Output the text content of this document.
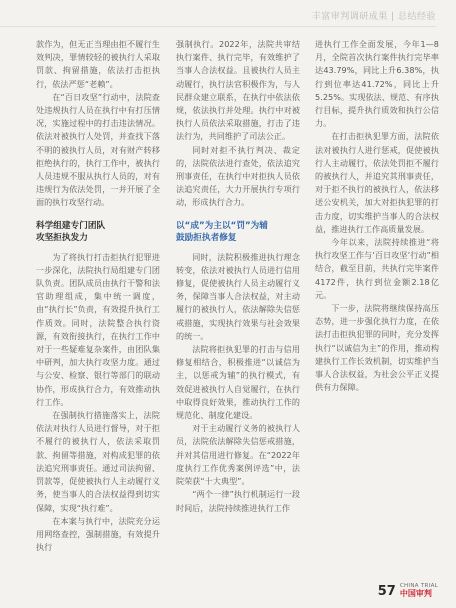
丰富审判调研成果 | 总结经验

款作为，但无正当理由拒不履行生效判决，罪情较轻的被执行人采取罚款、拘留措施，依法打击拒执行，依法严惩“老赖”。

在“百日攻坚”行动中，法院查处违规执行人员在执行中有打压情况，实施过程中的打击违法情况。依法对被执行人处罚，并查找下落不明的被执行人员，对有财产转移拒绝执行的，执行工作中，被执行人员违规不服从执行人员的，对有违规行为依法处罚，一并开展了全面的执行攻坚行动。

科学组建专门团队
攻坚拒执发力

为了将执行打击拒执行犯罪进一步深化，法院执行局组建专门团队负责。团队成员由执行干警和法官助理组成，集中统一调度，由“执行长”负责，有效提升执行工作质效。同时，法院整合执行资源，有效衔接执行，在执行工作中对于一些疑难复杂案件，由团队集中研判，加大执行攻坚力度。通过与公安、检察、银行等部门的联动协作，形成执行合力，有效推动执行工作。

在强制执行措施落实上，法院依法对执行人员进行督导，对于拒不履行的被执行人，依法采取罚款、拘留等措施，对构成犯罪的依法追究刑事责任。通过司法拘留、罚款等，促使被执行人主动履行义务，使当事人的合法权益得到切实保障，实现“执行难”。

在本案与执行中，法院充分运用网络查控，强制措施，有效提升执行

强制执行。2022年，法院共审结执行案件、执行完毕，有效维护了当事人合法权益。且被执行人员主动履行，执行法官积极作为，与人民群众建立联系，在执行中依法依规，依法执行并处理。执行中对被执行人员依法采取措施，打击了违法行为，共同维护了司法公正。

同时对拒不执行判决、裁定的，法院依法进行查处，依法追究刑事责任，在执行中对拒执人员依法追究责任，大力开展执行专项行动，形成执行合力。

以“成”为主以“罚”为辅
鼓励拒执者修复

同时，法院积极推进执行理念转变，依法对被执行人员进行信用修复，促使被执行人员主动履行义务，保障当事人合法权益，对主动履行的被执行人，依法解除失信惩戒措施，实现执行效果与社会效果的统一。

法院将拒执犯罪的打击与信用修复相结合，积极推进“以诚信为主，以惩戒为辅”的执行模式，有效促进被执行人自觉履行，在执行中取得良好效果，推动执行工作的规范化、制度化建设。

对于主动履行义务的被执行人员，法院依法解除失信惩戒措施，并对其信用进行修复。在“2022年度执行工作优秀案例评选”中，法院荣获“十大典型”。

“两个一律”执行机制运行一段时间后，法院持续推进执行工作

进执行工作全面发展，今年1—8月，全院首次执行案件执行完毕率达43.79%，同比上升6.38%，执行到位率达41.72%，同比上升5.25%。实现依法、规范、有序执行目标，提升执行质效和执行公信力。

在打击拒执犯罪方面，法院依法对被执行人进行惩戒，促使被执行人主动履行，依法处罚拒不履行的被执行人，并追究其刑事责任，对于拒不执行的被执行人，依法移送公安机关，加大对拒执犯罪的打击力度，切实维护当事人的合法权益，推进执行工作高质量发展。

今年以来，法院持续推进“将执行攻坚工作与‘百日攻坚’行动”相结合，截至目前，共执行完毕案件4172件，执行到位金额2.18亿元。

下一步，法院将继续保持高压态势，进一步强化执行力度，在依法打击拒执犯罪的同时，充分发挥执行“以诚信为主”的作用，推动构建执行工作长效机制，切实维护当事人合法权益，为社会公平正义提供有力保障。

57 CHINA TRIAL
中国审判
